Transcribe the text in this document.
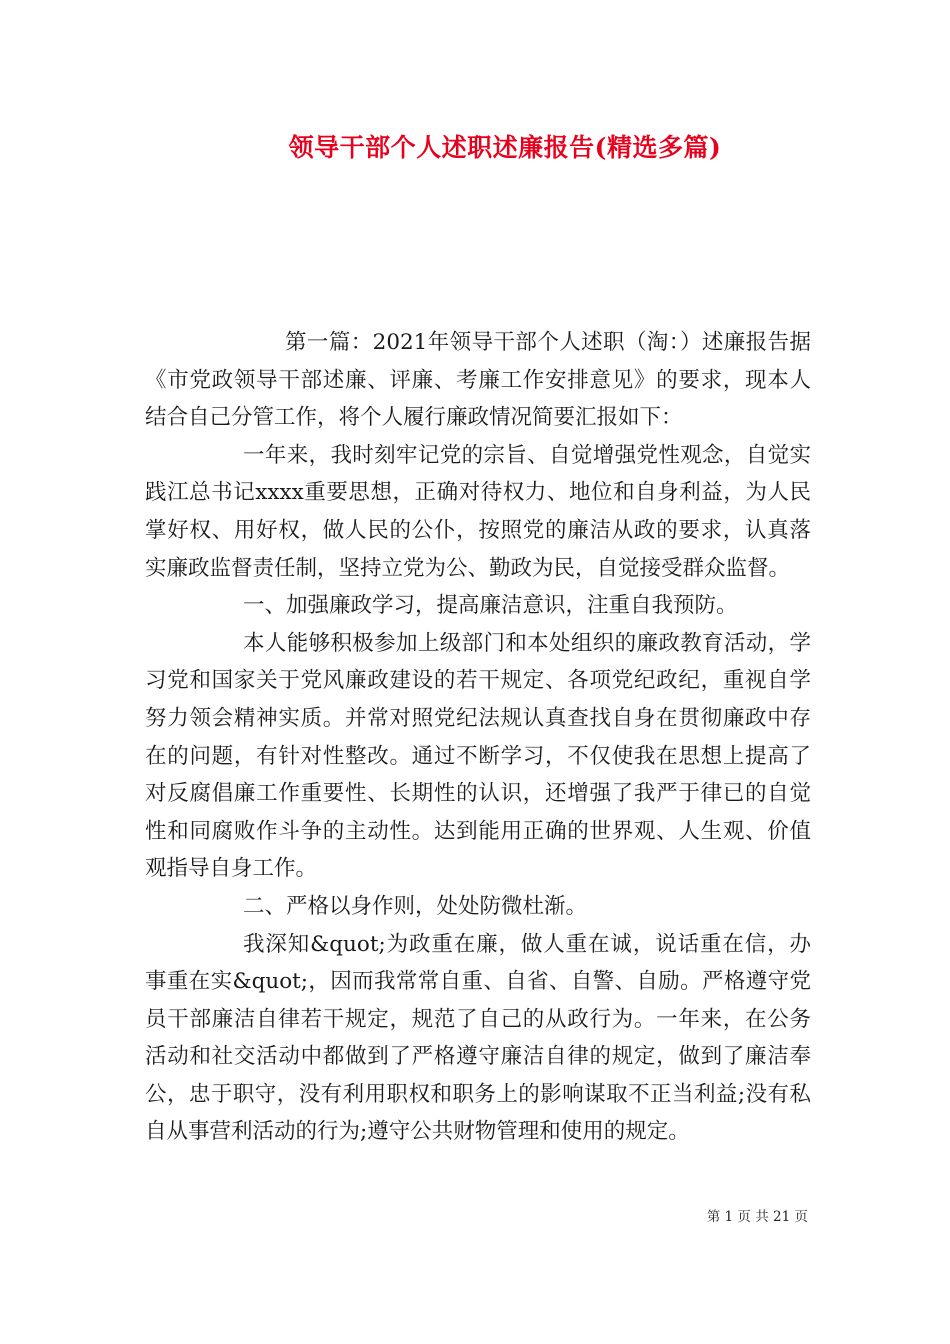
领导干部个人述职述廉报告(精选多篇)

第一篇：2021年领导干部个人述职（淘：）述廉报告据《市党政领导干部述廉、评廉、考廉工作安排意见》的要求，现本人结合自己分管工作，将个人履行廉政情况简要汇报如下：

一年来，我时刻牢记党的宗旨、自觉增强党性观念，自觉实践江总书记xxxx重要思想，正确对待权力、地位和自身利益，为人民掌好权、用好权，做人民的公仆，按照党的廉洁从政的要求，认真落实廉政监督责任制，坚持立党为公、勤政为民，自觉接受群众监督。

一、加强廉政学习，提高廉洁意识，注重自我预防。

本人能够积极参加上级部门和本处组织的廉政教育活动，学习党和国家关于党风廉政建设的若干规定、各项党纪政纪，重视自学努力领会精神实质。并常对照党纪法规认真查找自身在贯彻廉政中存在的问题，有针对性整改。通过不断学习，不仅使我在思想上提高了对反腐倡廉工作重要性、长期性的认识，还增强了我严于律已的自觉性和同腐败作斗争的主动性。达到能用正确的世界观、人生观、价值观指导自身工作。

二、严格以身作则，处处防微杜渐。

我深知&quot;为政重在廉，做人重在诚，说话重在信，办事重在实&quot;，因而我常常自重、自省、自警、自励。严格遵守党员干部廉洁自律若干规定，规范了自己的从政行为。一年来，在公务活动和社交活动中都做到了严格遵守廉洁自律的规定，做到了廉洁奉公，忠于职守，没有利用职权和职务上的影响谋取不正当利益;没有私自从事营利活动的行为;遵守公共财物管理和使用的规定。

第 1 页 共 21 页
